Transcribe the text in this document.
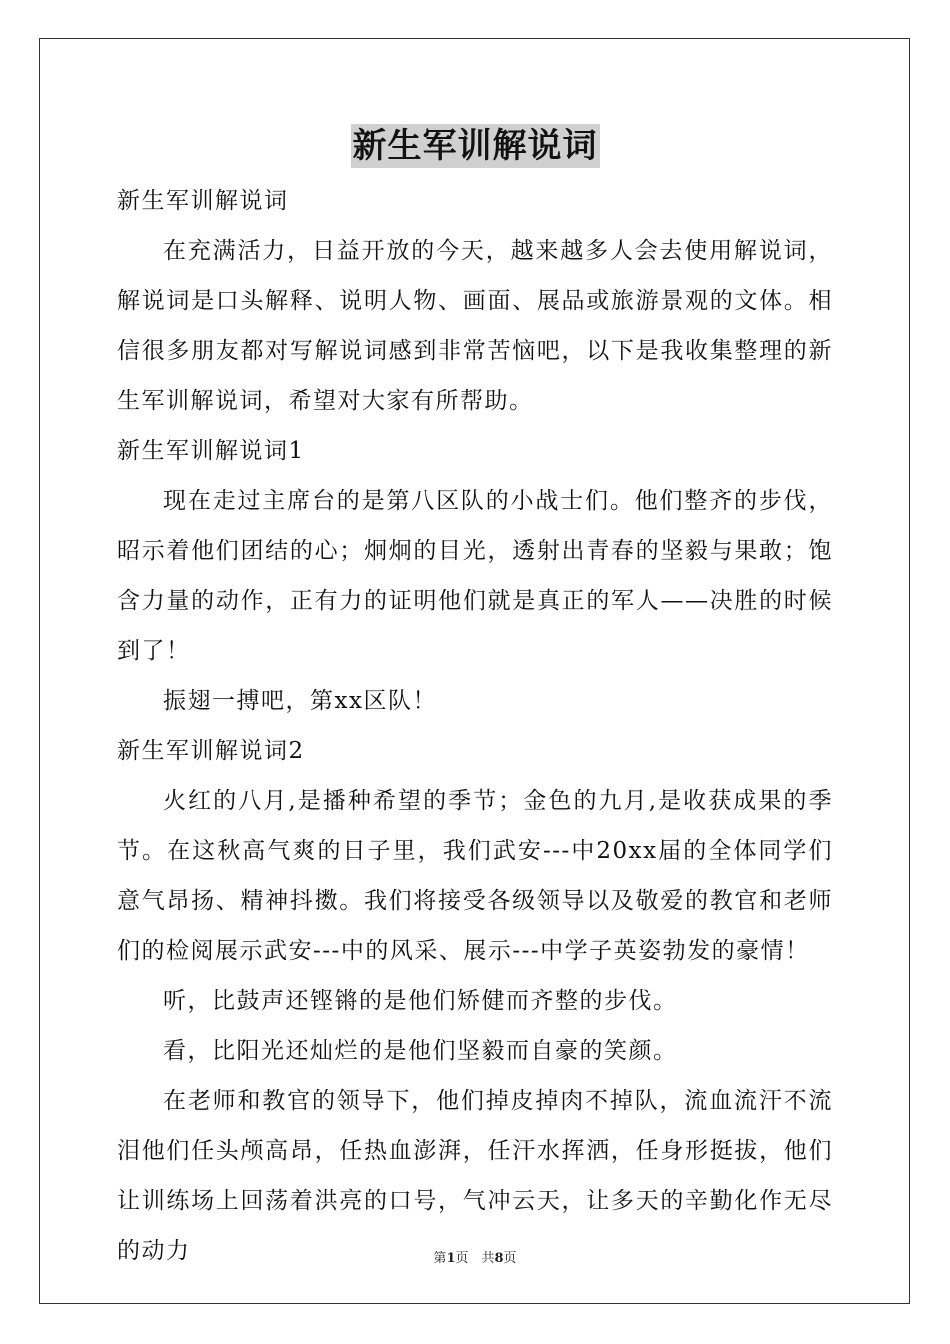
新生军训解说词

新生军训解说词

在充满活力，日益开放的今天，越来越多人会去使用解说词，解说词是口头解释、说明人物、画面、展品或旅游景观的文体。相信很多朋友都对写解说词感到非常苦恼吧，以下是我收集整理的新生军训解说词，希望对大家有所帮助。

新生军训解说词1

现在走过主席台的是第八区队的小战士们。他们整齐的步伐，昭示着他们团结的心；炯炯的目光，透射出青春的坚毅与果敢；饱含力量的动作，正有力的证明他们就是真正的军人——决胜的时候到了！

振翅一搏吧，第xx区队！

新生军训解说词2

火红的八月,是播种希望的季节；金色的九月,是收获成果的季节。在这秋高气爽的日子里，我们武安---中20xx届的全体同学们意气昂扬、精神抖擞。我们将接受各级领导以及敬爱的教官和老师们的检阅展示武安---中的风采、展示---中学子英姿勃发的豪情！

听，比鼓声还铿锵的是他们矫健而齐整的步伐。

看，比阳光还灿烂的是他们坚毅而自豪的笑颜。

在老师和教官的领导下，他们掉皮掉肉不掉队，流血流汗不流泪他们任头颅高昂，任热血澎湃，任汗水挥洒，任身形挺拔，他们让训练场上回荡着洪亮的口号，气冲云天，让多天的辛勤化作无尽的动力	第1页　共8页
